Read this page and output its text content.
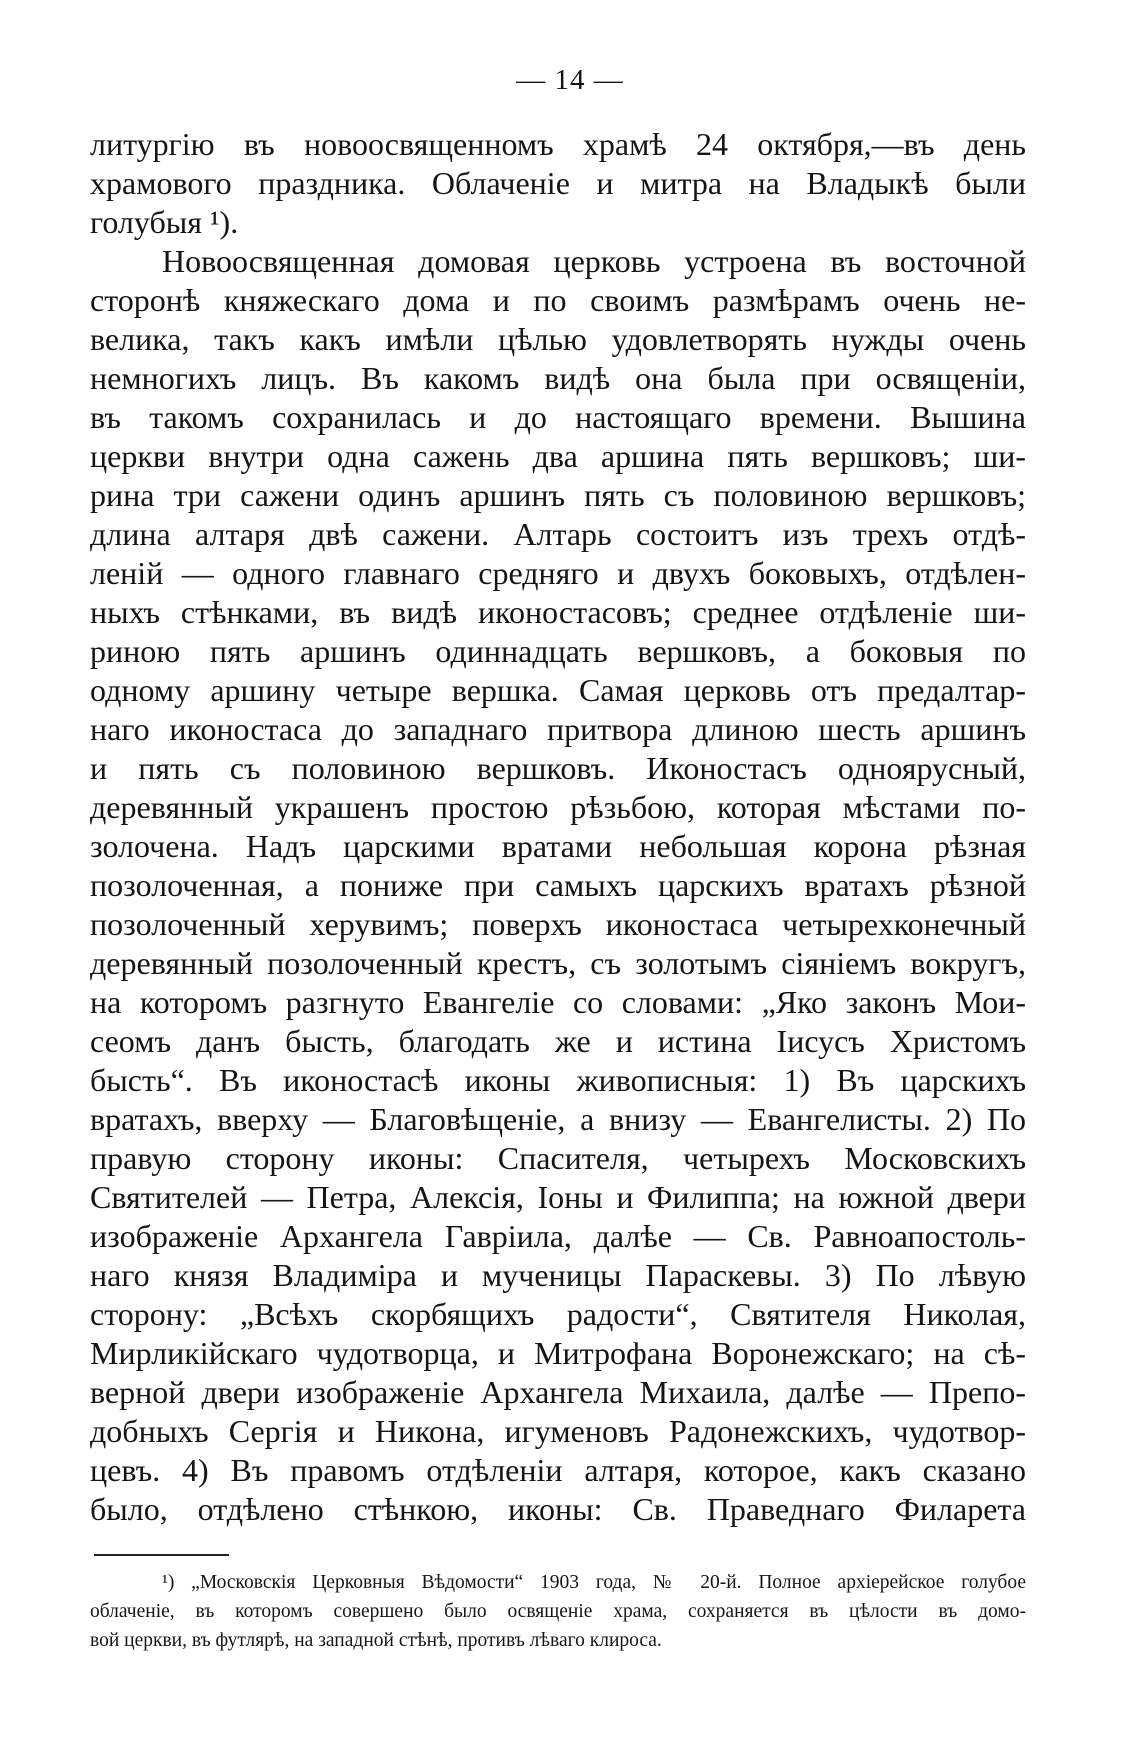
— 14 —
литургiю въ новоосвященномъ храмѣ 24 октября,—въ день
храмового праздника. Облаченiе и митра на Владыкѣ были
голубыя ¹).
Новоосвященная домовая церковь устроена въ восточной
сторонѣ княжескаго дома и по своимъ размѣрамъ очень не-
велика, такъ какъ имѣли цѣлью удовлетворять нужды очень
немногихъ лицъ. Въ какомъ видѣ она была при освященiи,
въ такомъ сохранилась и до настоящаго времени. Вышина
церкви внутри одна сажень два аршина пять вершковъ; ши-
рина три сажени одинъ аршинъ пять съ половиною вершковъ;
длина алтаря двѣ сажени. Алтарь состоитъ изъ трехъ отдѣ-
ленiй — одного главнаго средняго и двухъ боковыхъ, отдѣлен-
ныхъ стѣнками, въ видѣ иконостасовъ; среднее отдѣленiе ши-
риною пять аршинъ одиннадцать вершковъ, а боковыя по
одному аршину четыре вершка. Самая церковь отъ предалтар-
наго иконостаса до западнаго притвора длиною шесть аршинъ
и пять съ половиною вершковъ. Иконостасъ одноярусный,
деревянный украшенъ простою рѣзьбою, которая мѣстами по-
золочена. Надъ царскими вратами небольшая корона рѣзная
позолоченная, а пониже при самыхъ царскихъ вратахъ рѣзной
позолоченный херувимъ; поверхъ иконостаса четырехконечный
деревянный позолоченный крестъ, съ золотымъ сiянiемъ вокругъ,
на которомъ разгнуто Евангелiе со словами: „Яко законъ Мои-
сеомъ данъ бысть, благодать же и истина Iисусъ Христомъ
бысть“. Въ иконостасѣ иконы живописныя: 1) Въ царскихъ
вратахъ, вверху — Благовѣщенiе, а внизу — Евангелисты. 2) По
правую сторону иконы: Спасителя, четырехъ Московскихъ
Святителей — Петра, Алексiя, Iоны и Филиппа; на южной двери
изображенiе Архангела Гавріила, далѣе — Св. Равноапостоль-
наго князя Владимiра и мученицы Параскевы. 3) По лѣвую
сторону: „Всѣхъ скорбящихъ радости“, Святителя Николая,
Мирликiйскаго чудотворца, и Митрофана Воронежскаго; на сѣ-
верной двери изображенiе Архангела Михаила, далѣе — Препо-
добныхъ Сергiя и Никона, игуменовъ Радонежскихъ, чудотвор-
цевъ. 4) Въ правомъ отдѣленiи алтаря, которое, какъ сказано
было, отдѣлено стѣнкою, иконы: Св. Праведнаго Филарета
¹) „Московскiя Церковныя Вѣдомости“ 1903 года, № 20-й. Полное архiерейское голубое
облаченiе, въ которомъ совершено было освященiе храма, сохраняется въ цѣлости въ домо-
вой церкви, въ футлярѣ, на западной стѣнѣ, противъ лѣваго клироса.
